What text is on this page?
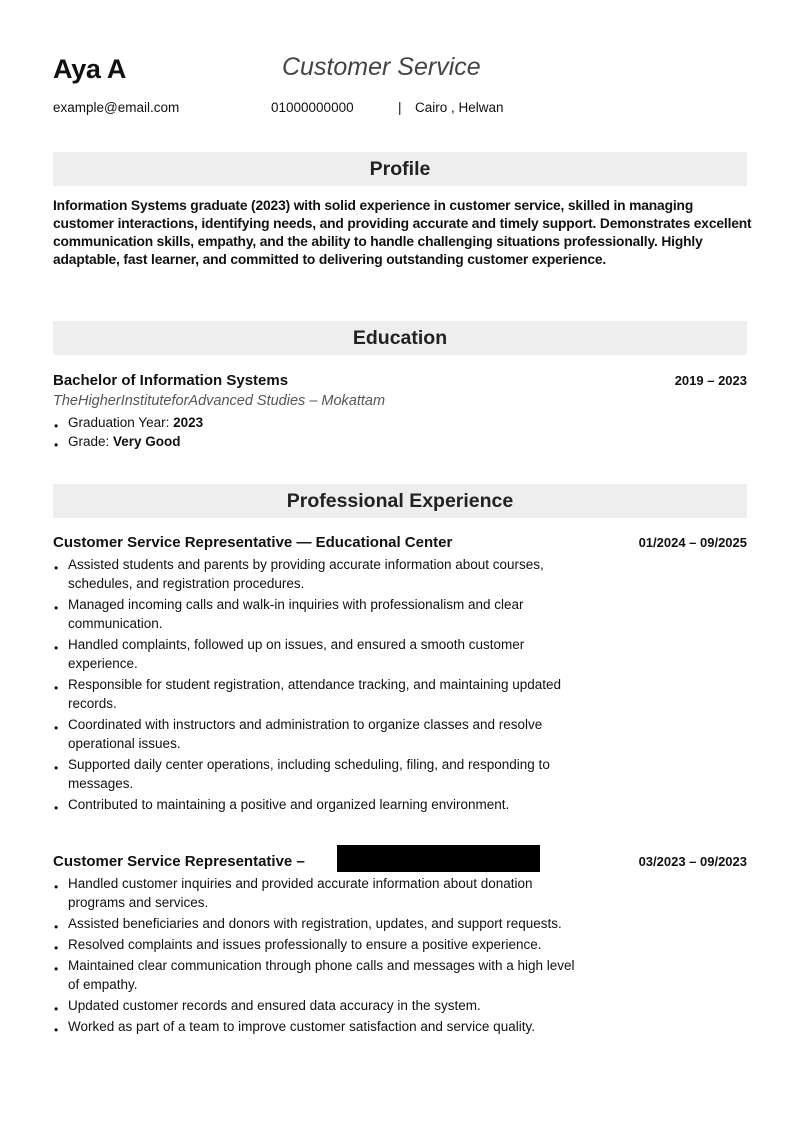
Aya A	Customer Service
example@email.com	01000000000	| Cairo , Helwan
Profile
Information Systems graduate (2023) with solid experience in customer service, skilled in managing customer interactions, identifying needs, and providing accurate and timely support. Demonstrates excellent communication skills, empathy, and the ability to handle challenging situations professionally. Highly adaptable, fast learner, and committed to delivering outstanding customer experience.
Education
Bachelor of Information Systems	2019 – 2023
TheHigherInstituteforAdvanced Studies – Mokattam
• Graduation Year: 2023
• Grade: Very Good
Professional Experience
Customer Service Representative — Educational Center	01/2024 – 09/2025
• Assisted students and parents by providing accurate information about courses, schedules, and registration procedures.
• Managed incoming calls and walk-in inquiries with professionalism and clear communication.
• Handled complaints, followed up on issues, and ensured a smooth customer experience.
• Responsible for student registration, attendance tracking, and maintaining updated records.
• Coordinated with instructors and administration to organize classes and resolve operational issues.
• Supported daily center operations, including scheduling, filing, and responding to messages.
• Contributed to maintaining a positive and organized learning environment.
Customer Service Representative –	03/2023 – 09/2023
• Handled customer inquiries and provided accurate information about donation programs and services.
• Assisted beneficiaries and donors with registration, updates, and support requests.
• Resolved complaints and issues professionally to ensure a positive experience.
• Maintained clear communication through phone calls and messages with a high level of empathy.
• Updated customer records and ensured data accuracy in the system.
• Worked as part of a team to improve customer satisfaction and service quality.
